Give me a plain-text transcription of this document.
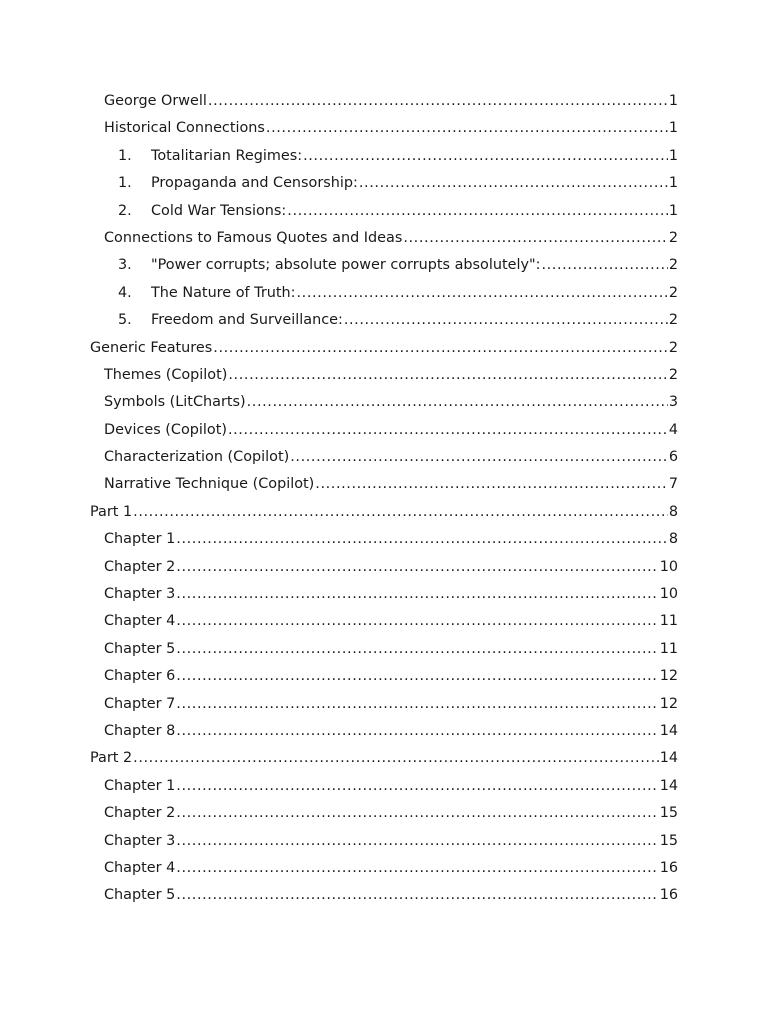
George Orwell .....	1
Historical Connections .....	1
1.	Totalitarian Regimes: .....	1
1.	Propaganda and Censorship: .....	1
2.	Cold War Tensions: .....	1
Connections to Famous Quotes and Ideas .....	2
3.	"Power corrupts; absolute power corrupts absolutely": .....	2
4.	The Nature of Truth: .....	2
5.	Freedom and Surveillance: .....	2
Generic Features .....	2
Themes (Copilot) .....	2
Symbols (LitCharts) .....	3
Devices (Copilot) .....	4
Characterization (Copilot) .....	6
Narrative Technique (Copilot) .....	7
Part 1 .....	8
Chapter 1 .....	8
Chapter 2 .....	10
Chapter 3 .....	10
Chapter 4 .....	11
Chapter 5 .....	11
Chapter 6 .....	12
Chapter 7 .....	12
Chapter 8 .....	14
Part 2 .....	14
Chapter 1 .....	14
Chapter 2 .....	15
Chapter 3 .....	15
Chapter 4 .....	16
Chapter 5 .....	16
